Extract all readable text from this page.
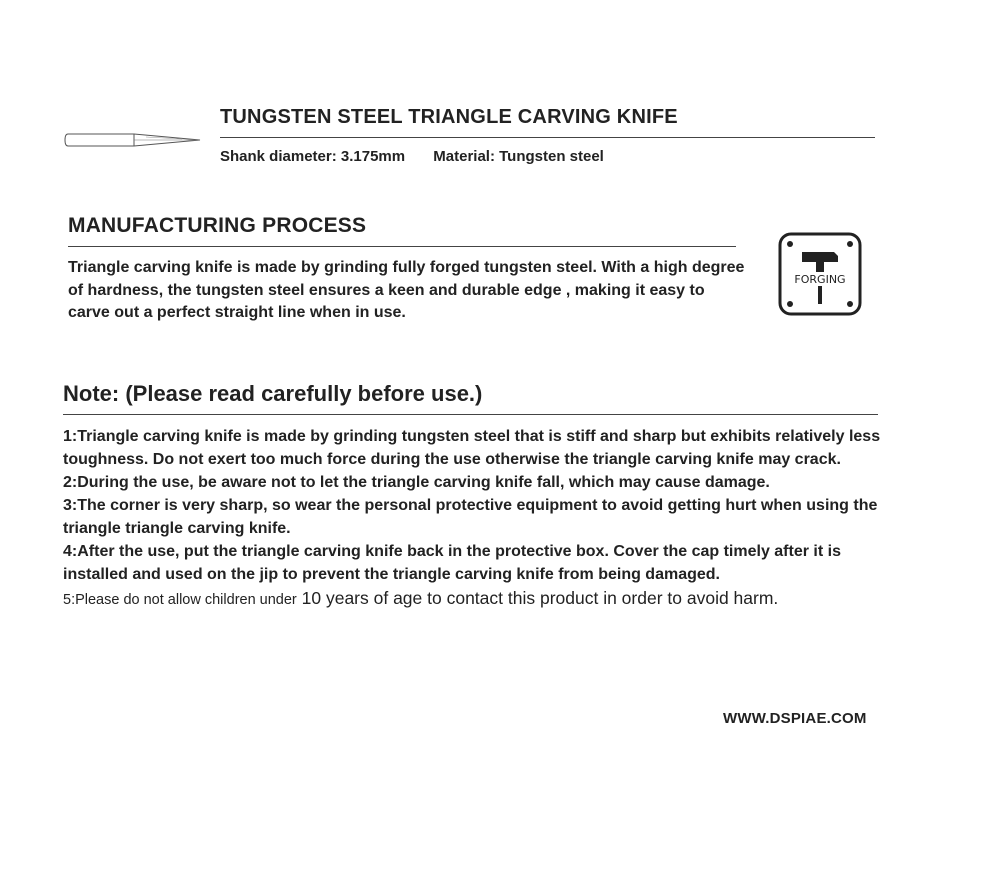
TUNGSTEN STEEL TRIANGLE CARVING KNIFE
Shank diameter: 3.175mm Material: Tungsten steel
MANUFACTURING PROCESS

Triangle carving knife is made by grinding fully forged tungsten steel. With a high degree of hardness, the tungsten steel ensures a keen and durable edge , making it easy to carve out a perfect straight line when in use.

FORGING
Note: (Please read carefully before use.)
1:Triangle carving knife is made by grinding tungsten steel that is stiff and sharp but exhibits relatively less toughness. Do not exert too much force during the use otherwise the triangle carving knife may crack.
2:During the use, be aware not to let the triangle carving knife fall, which may cause damage.
3:The corner is very sharp, so wear the personal protective equipment to avoid getting hurt when using the triangle triangle carving knife.
4:After the use, put the triangle carving knife back in the protective box. Cover the cap timely after it is installed and used on the jip to prevent the triangle carving knife from being damaged.
5:Please do not allow children under 10 years of age to contact this product in order to avoid harm.

WWW.DSPIAE.COM
